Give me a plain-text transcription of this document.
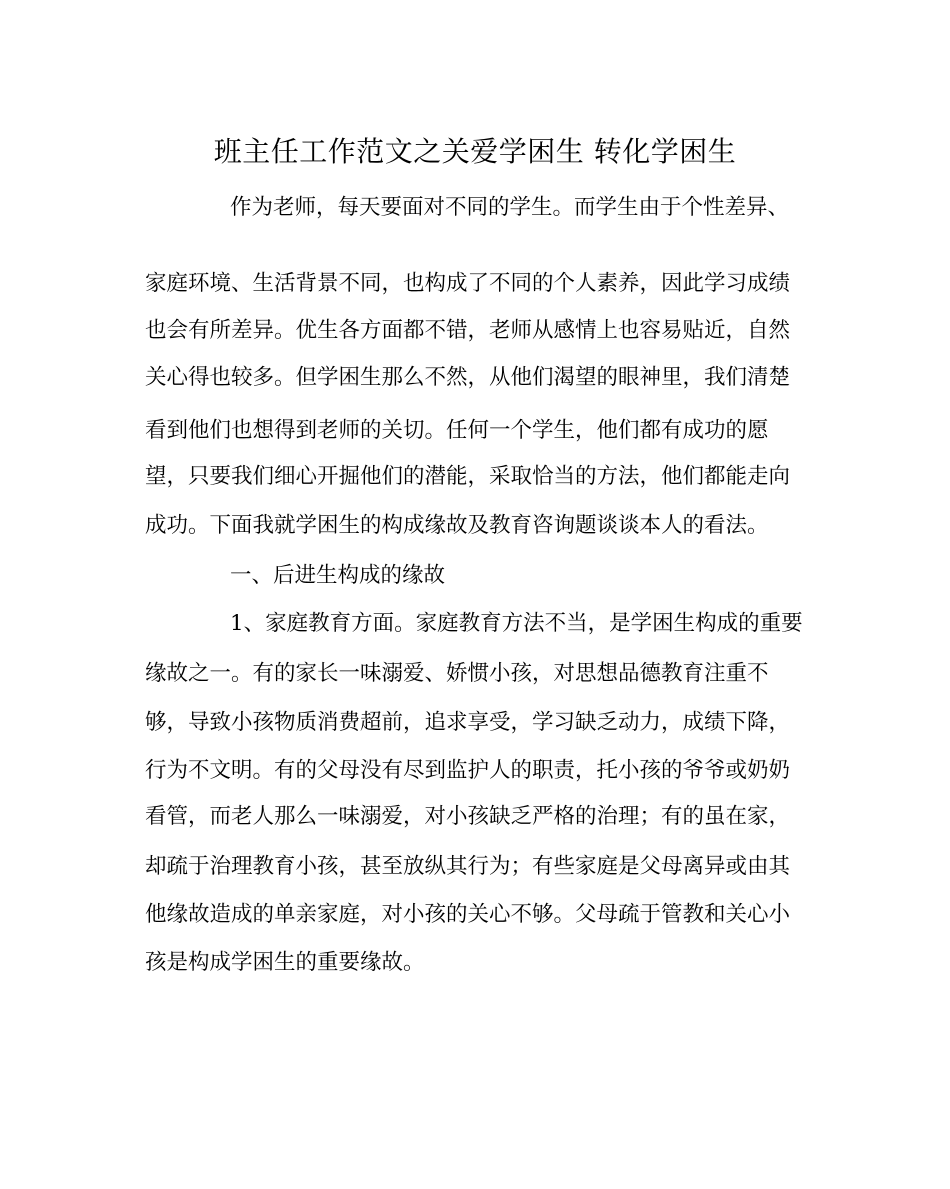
班主任工作范文之关爱学困生 转化学困生
作为老师，每天要面对不同的学生。而学生由于个性差异、
家庭环境、生活背景不同，也构成了不同的个人素养，因此学习成绩
也会有所差异。优生各方面都不错，老师从感情上也容易贴近，自然
关心得也较多。但学困生那么不然，从他们渴望的眼神里，我们清楚
看到他们也想得到老师的关切。任何一个学生，他们都有成功的愿
望，只要我们细心开掘他们的潜能，采取恰当的方法，他们都能走向
成功。下面我就学困生的构成缘故及教育咨询题谈谈本人的看法。
一、后进生构成的缘故
1、家庭教育方面。家庭教育方法不当，是学困生构成的重要
缘故之一。有的家长一味溺爱、娇惯小孩，对思想品德教育注重不
够，导致小孩物质消费超前，追求享受，学习缺乏动力，成绩下降，
行为不文明。有的父母没有尽到监护人的职责，托小孩的爷爷或奶奶
看管，而老人那么一味溺爱，对小孩缺乏严格的治理；有的虽在家，
却疏于治理教育小孩，甚至放纵其行为；有些家庭是父母离异或由其
他缘故造成的单亲家庭，对小孩的关心不够。父母疏于管教和关心小
孩是构成学困生的重要缘故。
